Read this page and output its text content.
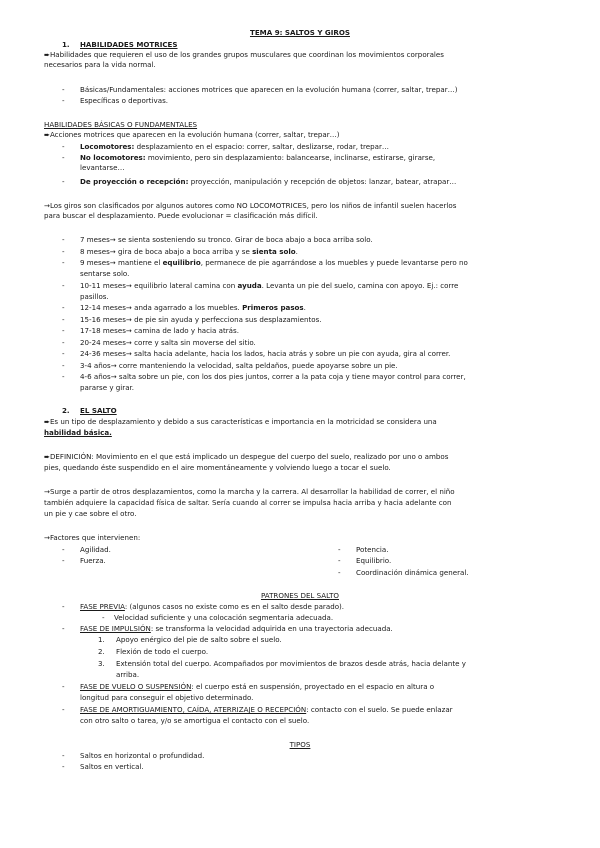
TEMA 9: SALTOS Y GIROS
1. HABILIDADES MOTRICES
➨Habilidades que requieren el uso de los grandes grupos musculares que coordinan los movimientos corporales
necesarios para la vida normal.
- Básicas/Fundamentales: acciones motrices que aparecen en la evolución humana (correr, saltar, trepar…)
- Específicas o deportivas.
HABILIDADES BÁSICAS O FUNDAMENTALES
➨Acciones motrices que aparecen en la evolución humana (correr, saltar, trepar…)
- Locomotores: desplazamiento en el espacio: correr, saltar, deslizarse, rodar, trepar…
- No locomotores: movimiento, pero sin desplazamiento: balancearse, inclinarse, estirarse, girarse,
levantarse…
- De proyección o recepción: proyección, manipulación y recepción de objetos: lanzar, batear, atrapar…
→Los giros son clasificados por algunos autores como NO LOCOMOTRICES, pero los niños de infantil suelen hacerlos
para buscar el desplazamiento. Puede evolucionar = clasificación más difícil.
- 7 meses→ se sienta sosteniendo su tronco. Girar de boca abajo a boca arriba solo.
- 8 meses→ gira de boca abajo a boca arriba y se sienta solo.
- 9 meses→ mantiene el equilibrio, permanece de pie agarrándose a los muebles y puede levantarse pero no
sentarse solo.
- 10-11 meses→ equilibrio lateral camina con ayuda. Levanta un pie del suelo, camina con apoyo. Ej.: corre
pasillos.
- 12-14 meses→ anda agarrado a los muebles. Primeros pasos.
- 15-16 meses→ de pie sin ayuda y perfecciona sus desplazamientos.
- 17-18 meses→ camina de lado y hacia atrás.
- 20-24 meses→ corre y salta sin moverse del sitio.
- 24-36 meses→ salta hacia adelante, hacia los lados, hacia atrás y sobre un pie con ayuda, gira al correr.
- 3-4 años→ corre manteniendo la velocidad, salta peldaños, puede apoyarse sobre un pie.
- 4-6 años→ salta sobre un pie, con los dos pies juntos, correr a la pata coja y tiene mayor control para correr,
pararse y girar.
2. EL SALTO
➨Es un tipo de desplazamiento y debido a sus características e importancia en la motricidad se considera una
habilidad básica.
➨DEFINICIÓN: Movimiento en el que está implicado un despegue del cuerpo del suelo, realizado por uno o ambos
pies, quedando éste suspendido en el aire momentáneamente y volviendo luego a tocar el suelo.
→Surge a partir de otros desplazamientos, como la marcha y la carrera. Al desarrollar la habilidad de correr, el niño
también adquiere la capacidad física de saltar. Sería cuando al correr se impulsa hacia arriba y hacia adelante con
un pie y cae sobre el otro.
→Factores que intervienen:
- Agilidad.
- Fuerza.
- Potencia.
- Equilibrio.
- Coordinación dinámica general.
PATRONES DEL SALTO
- FASE PREVIA: (algunos casos no existe como es en el salto desde parado).
- Velocidad suficiente y una colocación segmentaria adecuada.
- FASE DE IMPULSIÓN: se transforma la velocidad adquirida en una trayectoria adecuada.
1. Apoyo enérgico del pie de salto sobre el suelo.
2. Flexión de todo el cuerpo.
3. Extensión total del cuerpo. Acompañados por movimientos de brazos desde atrás, hacia delante y
arriba.
- FASE DE VUELO O SUSPENSIÓN: el cuerpo está en suspensión, proyectado en el espacio en altura o
longitud para conseguir el objetivo determinado.
- FASE DE AMORTIGUAMIENTO, CAÍDA, ATERRIZAJE O RECEPCIÓN: contacto con el suelo. Se puede enlazar
con otro salto o tarea, y/o se amortigua el contacto con el suelo.
TIPOS
- Saltos en horizontal o profundidad.
- Saltos en vertical.
